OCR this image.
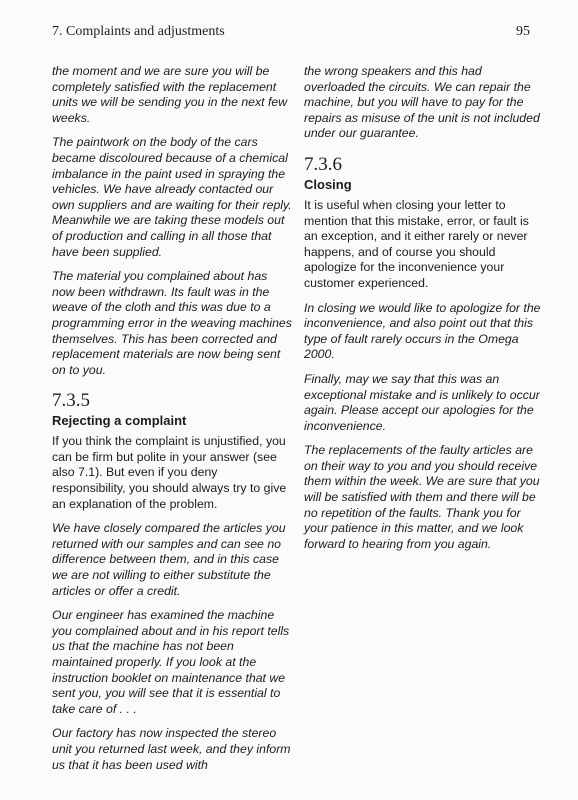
7. Complaints and adjustments	95

the moment and we are sure you will be completely satisfied with the replacement units we will be sending you in the next few weeks.

The paintwork on the body of the cars became discoloured because of a chemical imbalance in the paint used in spraying the vehicles. We have already contacted our own suppliers and are waiting for their reply. Meanwhile we are taking these models out of production and calling in all those that have been supplied.

The material you complained about has now been withdrawn. Its fault was in the weave of the cloth and this was due to a programming error in the weaving machines themselves. This has been corrected and replacement materials are now being sent on to you.

7.3.5
Rejecting a complaint

If you think the complaint is unjustified, you can be firm but polite in your answer (see also 7.1). But even if you deny responsibility, you should always try to give an explanation of the problem.

We have closely compared the articles you returned with our samples and can see no difference between them, and in this case we are not willing to either substitute the articles or offer a credit.

Our engineer has examined the machine you complained about and in his report tells us that the machine has not been maintained properly. If you look at the instruction booklet on maintenance that we sent you, you will see that it is essential to take care of . . .

Our factory has now inspected the stereo unit you returned last week, and they inform us that it has been used with

the wrong speakers and this had overloaded the circuits. We can repair the machine, but you will have to pay for the repairs as misuse of the unit is not included under our guarantee.

7.3.6
Closing

It is useful when closing your letter to mention that this mistake, error, or fault is an exception, and it either rarely or never happens, and of course you should apologize for the inconvenience your customer experienced.

In closing we would like to apologize for the inconvenience, and also point out that this type of fault rarely occurs in the Omega 2000.

Finally, may we say that this was an exceptional mistake and is unlikely to occur again. Please accept our apologies for the inconvenience.

The replacements of the faulty articles are on their way to you and you should receive them within the week. We are sure that you will be satisfied with them and there will be no repetition of the faults. Thank you for your patience in this matter, and we look forward to hearing from you again.
